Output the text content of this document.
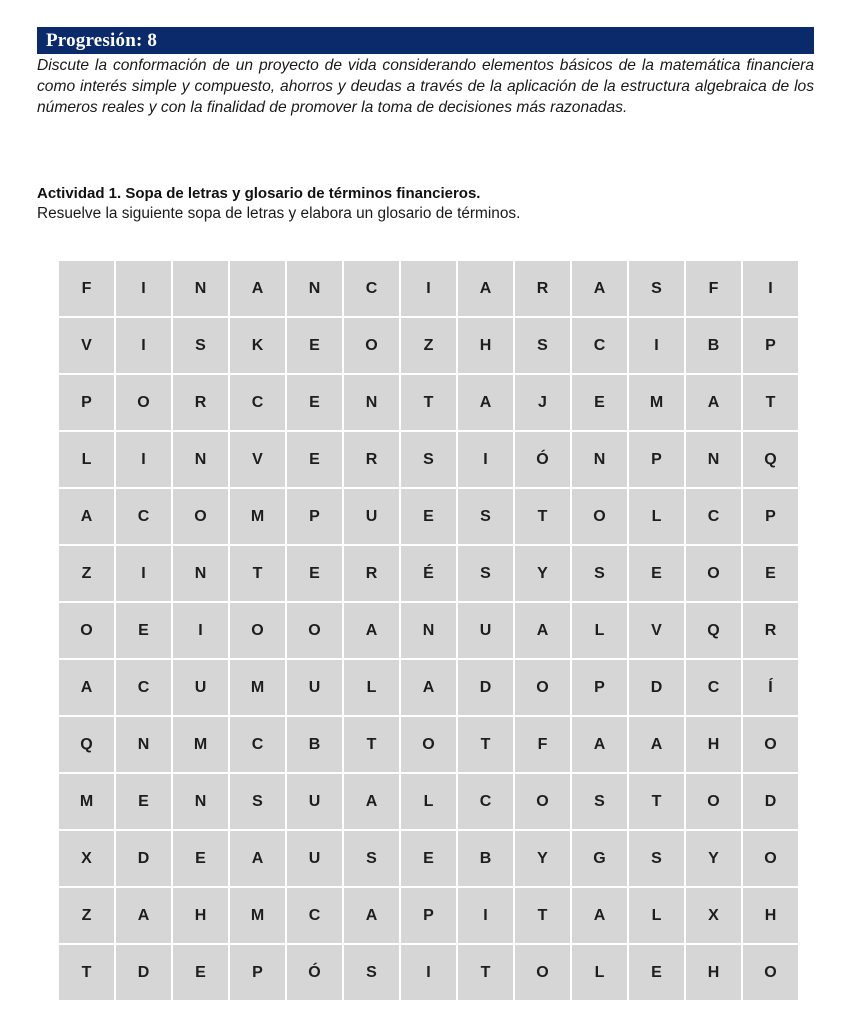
Progresión: 8
Discute la conformación de un proyecto de vida considerando elementos básicos de la matemática financiera como interés simple y compuesto, ahorros y deudas a través de la aplicación de la estructura algebraica de los números reales y con la finalidad de promover la toma de decisiones más razonadas.
Actividad 1. Sopa de letras y glosario de términos financieros.
Resuelve la siguiente sopa de letras y elabora un glosario de términos.
F	I	N	A	N	C	I	A	R	A	S	F	I
V	I	S	K	E	O	Z	H	S	C	I	B	P
P	O	R	C	E	N	T	A	J	E	M	A	T
L	I	N	V	E	R	S	I	Ó	N	P	N	Q
A	C	O	M	P	U	E	S	T	O	L	C	P
Z	I	N	T	E	R	É	S	Y	S	E	O	E
O	E	I	O	O	A	N	U	A	L	V	Q	R
A	C	U	M	U	L	A	D	O	P	D	C	Í
Q	N	M	C	B	T	O	T	F	A	A	H	O
M	E	N	S	U	A	L	C	O	S	T	O	D
X	D	E	A	U	S	E	B	Y	G	S	Y	O
Z	A	H	M	C	A	P	I	T	A	L	X	H
T	D	E	P	Ó	S	I	T	O	L	E	H	O
